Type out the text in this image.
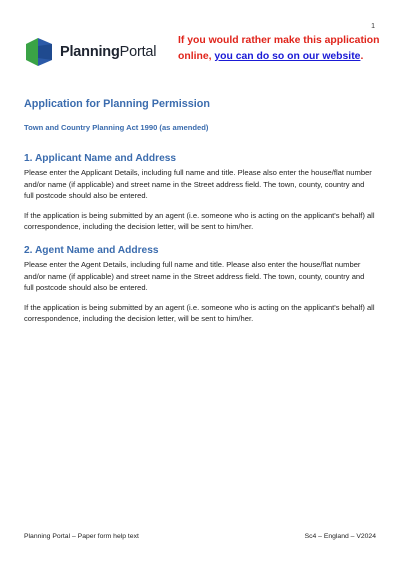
1
PlanningPortal
If you would rather make this application online, you can do so on our website.
Application for Planning Permission
Town and Country Planning Act 1990 (as amended)
1. Applicant Name and Address

Please enter the Applicant Details, including full name and title. Please also enter the house/flat number and/or name (if applicable) and street name in the Street address field. The town, county, country and full postcode should also be entered.

If the application is being submitted by an agent (i.e. someone who is acting on the applicant's behalf) all correspondence, including the decision letter, will be sent to him/her.

2. Agent Name and Address

Please enter the Agent Details, including full name and title. Please also enter the house/flat number and/or name (if applicable) and street name in the Street address field. The town, county, country and full postcode should also be entered.

If the application is being submitted by an agent (i.e. someone who is acting on the applicant's behalf) all correspondence, including the decision letter, will be sent to him/her.

Planning Portal – Paper form help text	Sc4 – England – V2024
